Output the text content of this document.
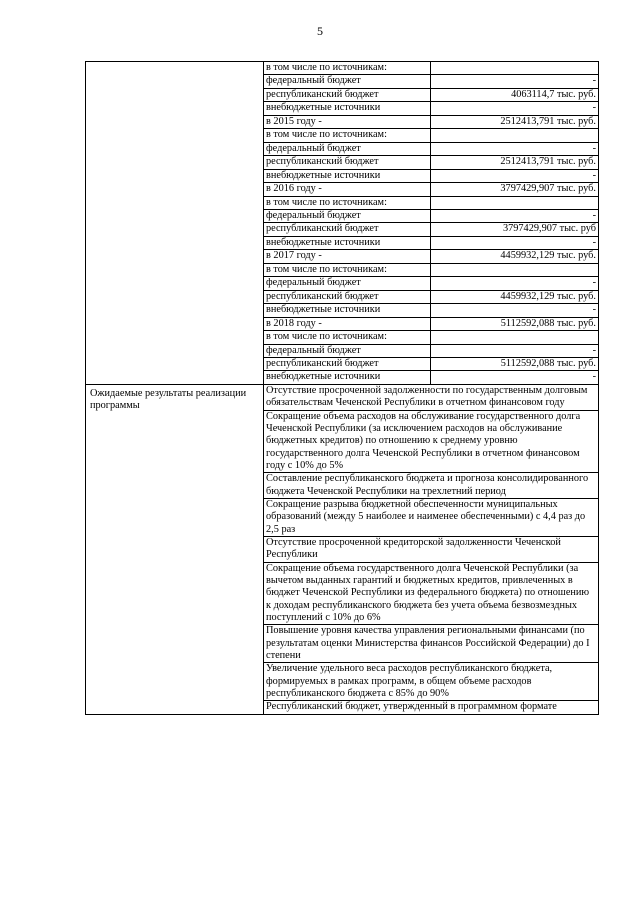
5
	в том числе по источникам:	
	федеральный бюджет	-
	республиканский бюджет	4063114,7 тыс. руб.
	внебюджетные источники	-
	в 2015 году -	2512413,791 тыс. руб.
	в том числе по источникам:	
	федеральный бюджет	-
	республиканский бюджет	2512413,791 тыс. руб.
	внебюджетные источники	-
	в 2016 году -	3797429,907 тыс. руб.
	в том числе по источникам:	
	федеральный бюджет	-
	республиканский бюджет	3797429,907 тыс. руб
	внебюджетные источники	-
	в 2017 году -	4459932,129 тыс. руб.
	в том числе по источникам:	
	федеральный бюджет	-
	республиканский бюджет	4459932,129 тыс. руб.
	внебюджетные источники	-
	в 2018 году -	5112592,088 тыс. руб.
	в том числе по источникам:	
	федеральный бюджет	-
	республиканский бюджет	5112592,088 тыс. руб.
	внебюджетные источники	-

Ожидаемые результаты реализации программы	Отсутствие просроченной задолженности по государственным долговым обязательствам Чеченской Республики в отчетном финансовом году	
	Сокращение объема расходов на обслуживание государственного долга Чеченской Республики (за исключением расходов на обслуживание бюджетных кредитов) по отношению к среднему уровню государственного долга Чеченской Республики в отчетном финансовом году с 10% до 5%	
	Составление республиканского бюджета и прогноза консолидированного бюджета Чеченской Республики на трехлетний период	
	Сокращение разрыва бюджетной обеспеченности муниципальных образований (между 5 наиболее и наименее обеспеченными) с 4,4 раз до 2,5 раз	
	Отсутствие просроченной кредиторской задолженности Чеченской Республики	
	Сокращение объема государственного долга Чеченской Республики (за вычетом выданных гарантий и бюджетных кредитов, привлеченных в бюджет Чеченской Республики из федерального бюджета) по отношению к доходам республиканского бюджета без учета объема безвозмездных поступлений с 10% до 6%	
	Повышение уровня качества управления региональными финансами (по результатам оценки Министерства финансов Российской Федерации) до I степени	
	Увеличение удельного веса расходов республиканского бюджета, формируемых в рамках программ, в общем объеме расходов республиканского бюджета с 85% до 90%	
	Республиканский бюджет, утвержденный в программном формате	
